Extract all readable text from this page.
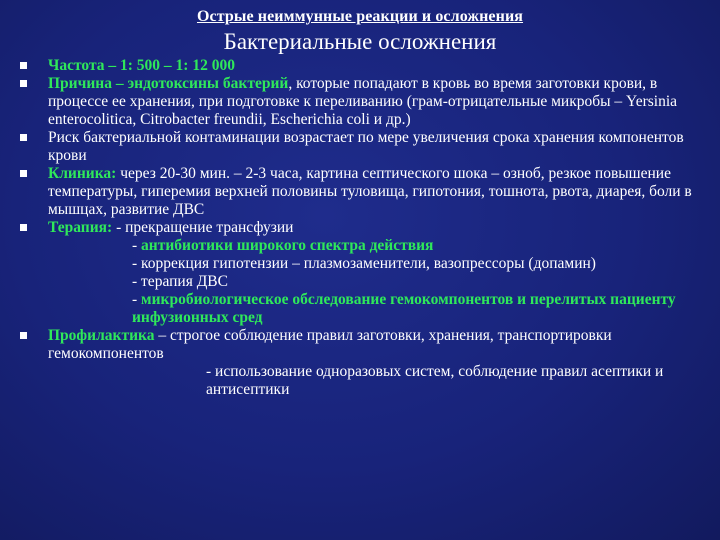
Острые неиммунные реакции и осложнения
Бактериальные осложнения
Частота – 1: 500 – 1: 12 000
Причина – эндотоксины бактерий, которые попадают в кровь во время заготовки крови, в процессе ее хранения, при подготовке к переливанию (грам-отрицательные микробы – Yersinia enterocolitica, Citrobacter freundii, Escherichia coli и др.)
Риск бактериальной контаминации возрастает по мере увеличения срока хранения компонентов крови
Клиника: через 20-30 мин. – 2-3 часа, картина септического шока – озноб, резкое повышение температуры, гиперемия верхней половины туловища, гипотония, тошнота, рвота, диарея, боли в мышцах, развитие ДВС
Терапия: - прекращение трансфузии
- антибиотики широкого спектра действия
- коррекция гипотензии – плазмозаменители, вазопрессоры (допамин)
- терапия ДВС
- микробиологическое обследование гемокомпонентов и перелитых пациенту инфузионных сред
Профилактика – строгое соблюдение правил заготовки, хранения, транспортировки гемокомпонентов
- использование одноразовых систем, соблюдение правил асептики и антисептики
